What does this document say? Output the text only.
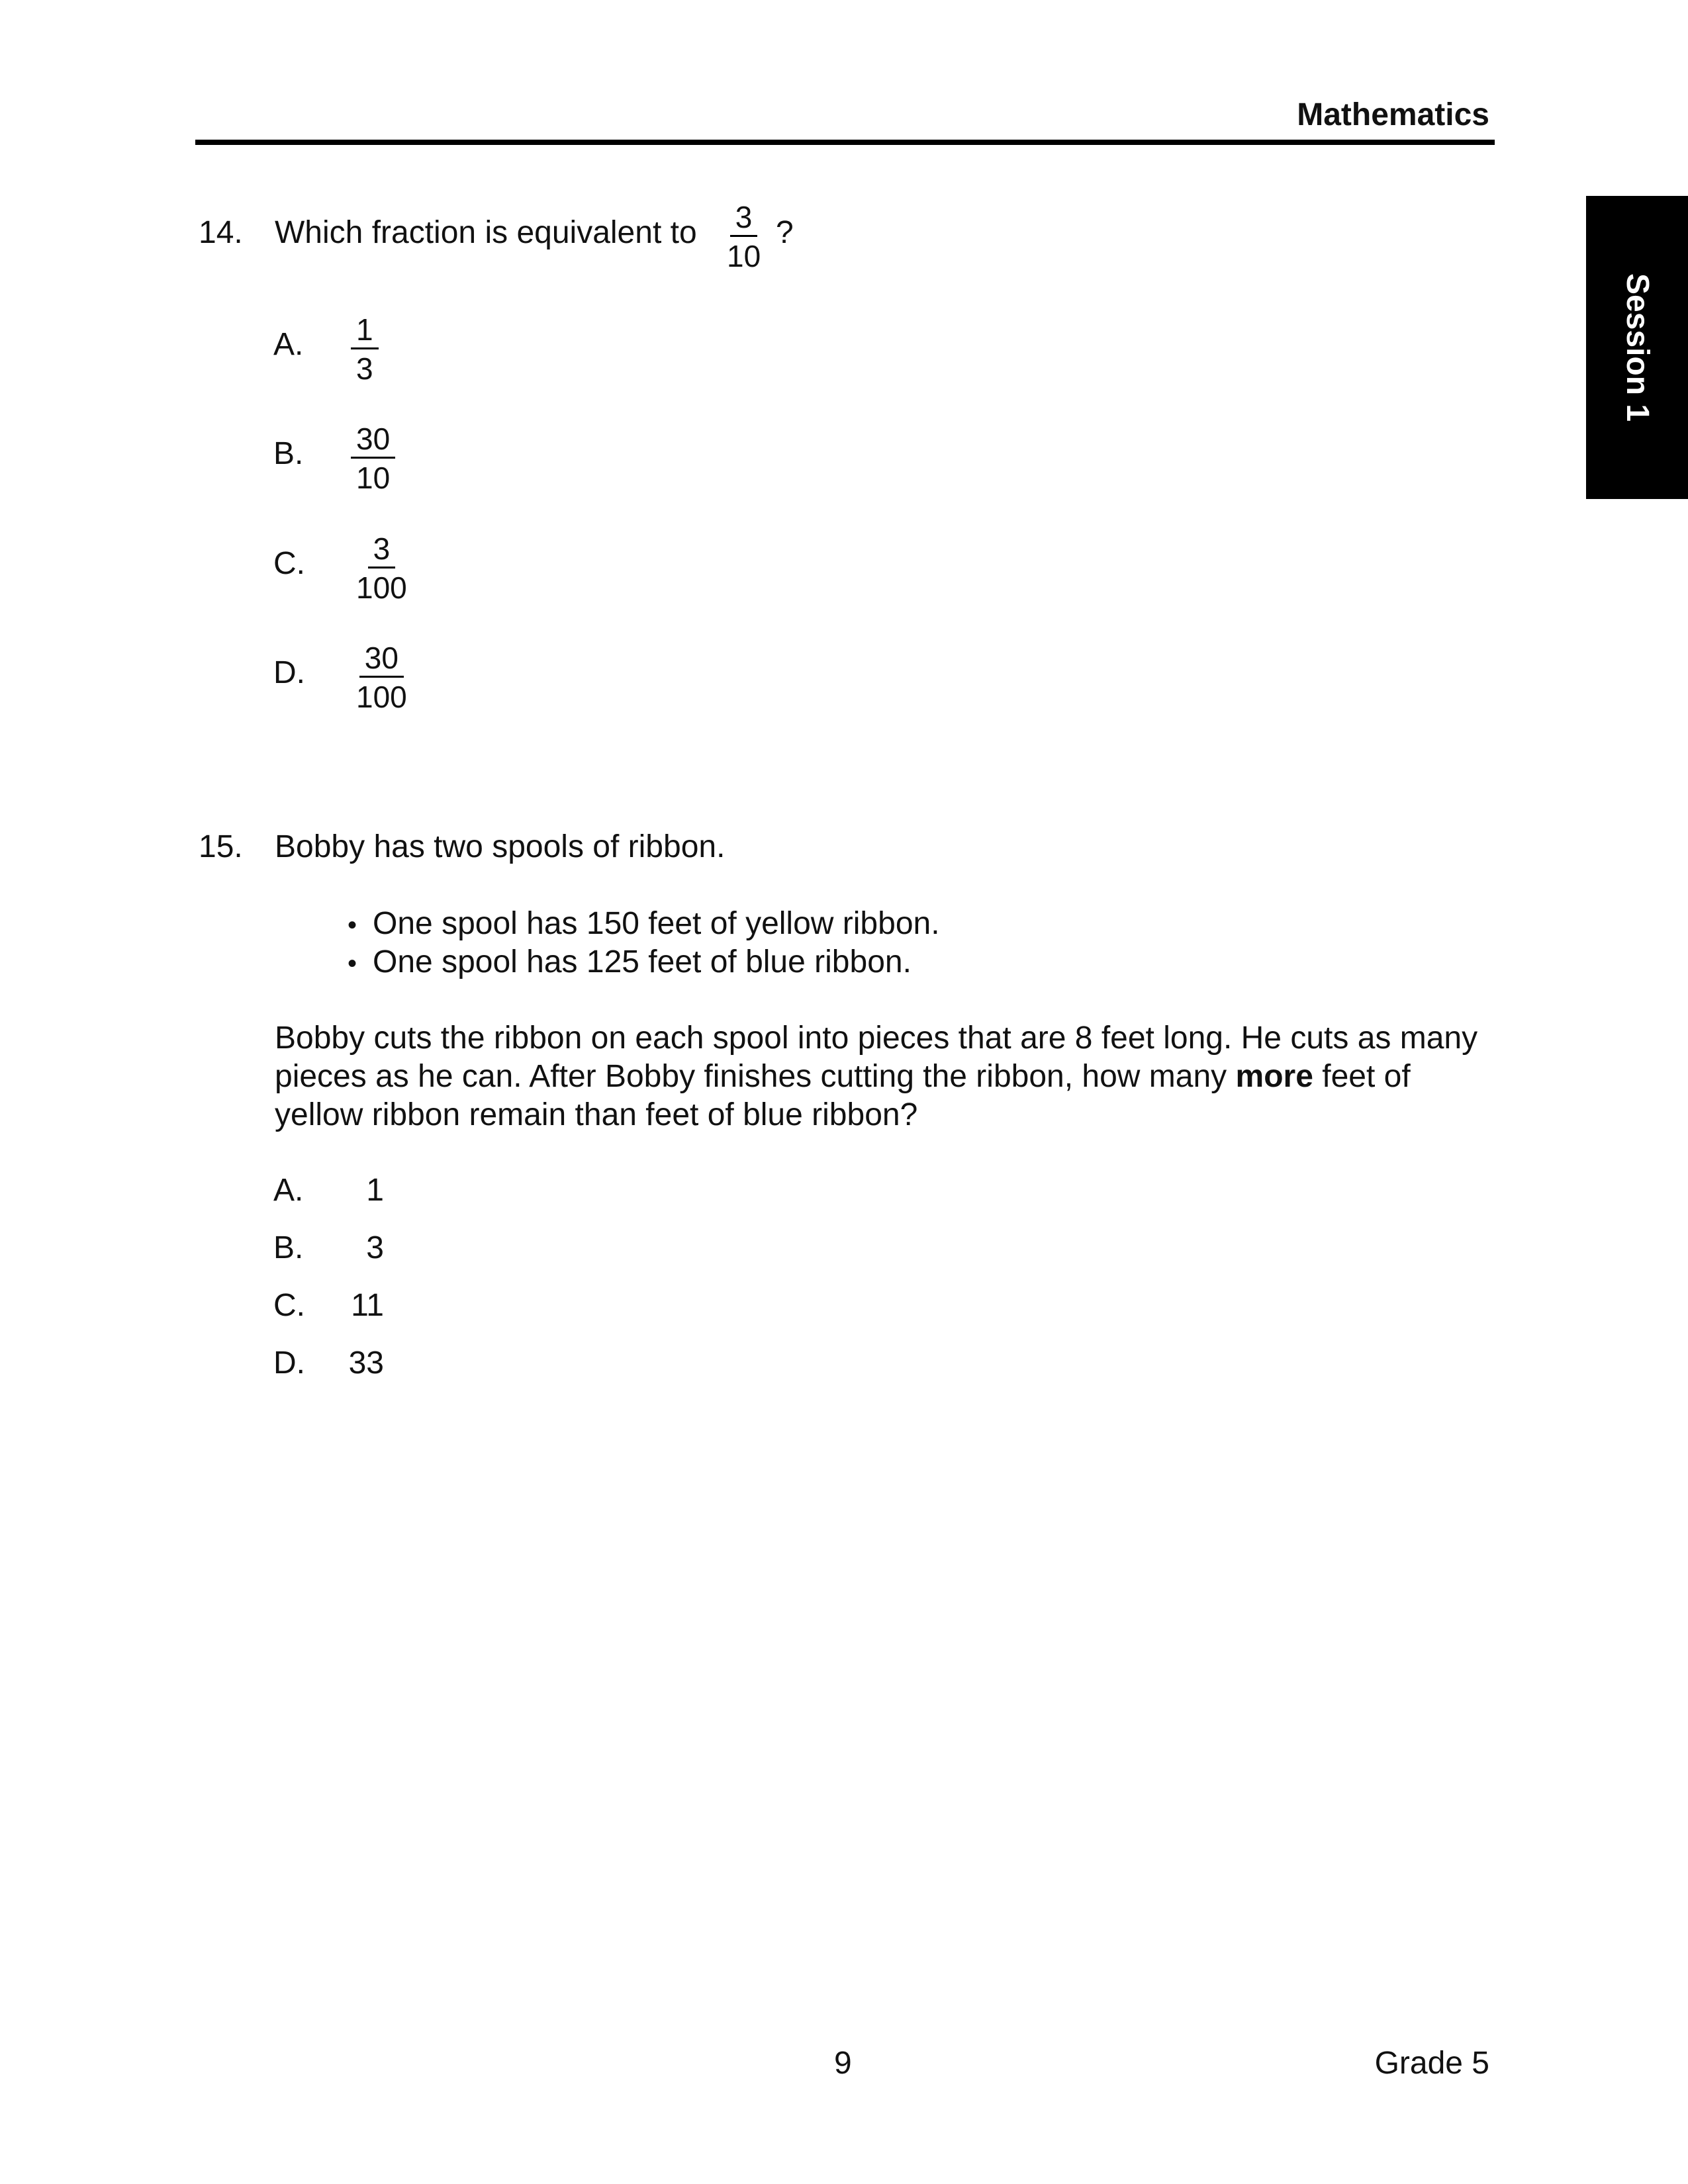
Mathematics
Session 1
14. Which fraction is equivalent to $\frac{3}{10}$ ?
A. $\frac{1}{3}$
B. $\frac{30}{10}$
C. $\frac{3}{100}$
D. $\frac{30}{100}$
15. Bobby has two spools of ribbon.
• One spool has 150 feet of yellow ribbon.
• One spool has 125 feet of blue ribbon.
Bobby cuts the ribbon on each spool into pieces that are 8 feet long. He cuts as many pieces as he can. After Bobby finishes cutting the ribbon, how many more feet of yellow ribbon remain than feet of blue ribbon?
A.	1
B.	3
C. 11
D. 33
9	Grade 5
